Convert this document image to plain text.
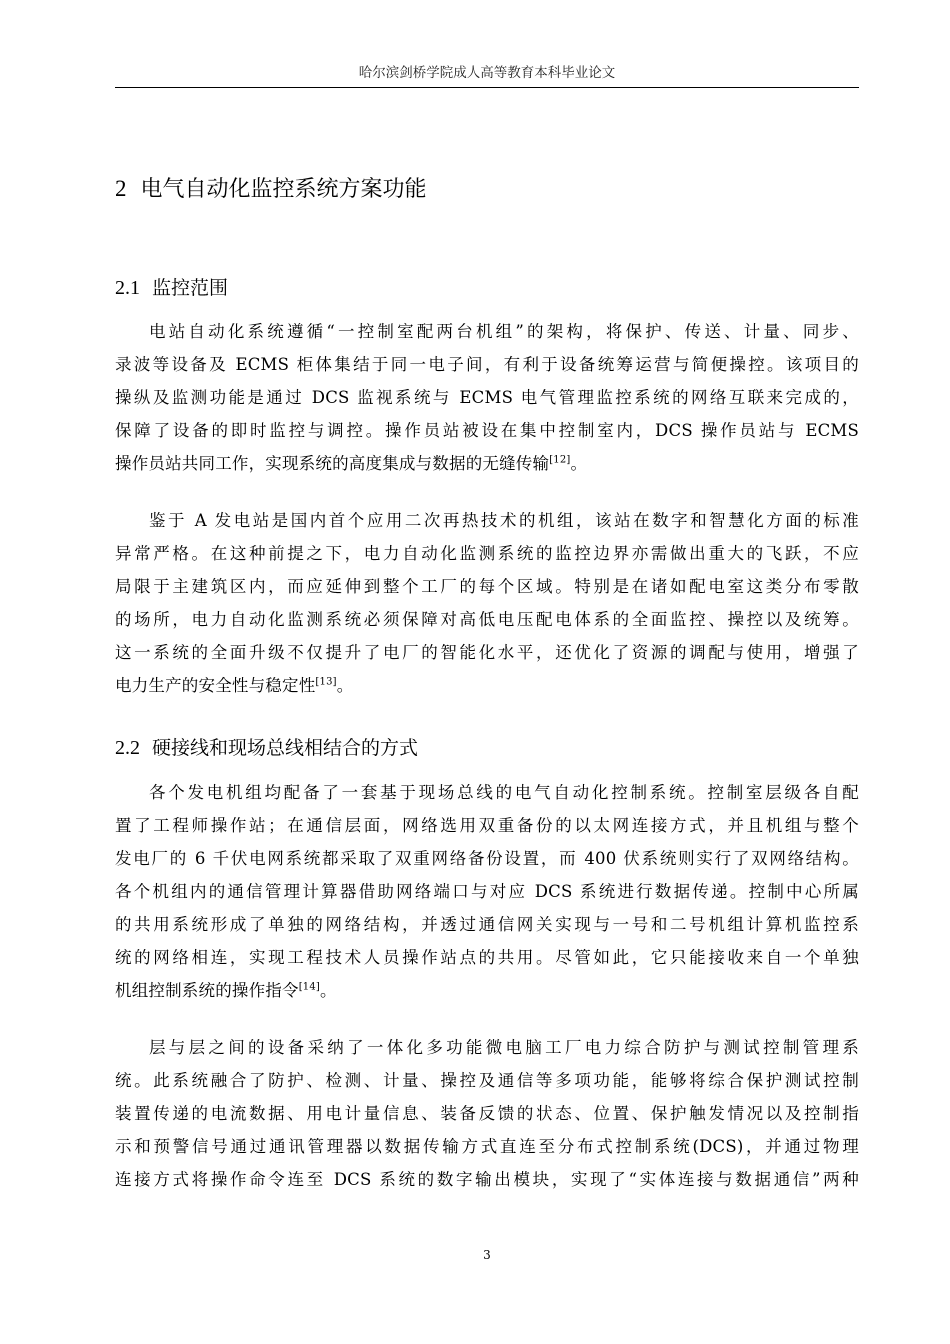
哈尔滨剑桥学院成人高等教育本科毕业论文
2 电气自动化监控系统方案功能
2.1 监控范围
电站自动化系统遵循“一控制室配两台机组”的架构，将保护、传送、计量、同步、
录波等设备及 ECMS 柜体集结于同一电子间，有利于设备统筹运营与简便操控。该项目的
操纵及监测功能是通过 DCS 监视系统与 ECMS 电气管理监控系统的网络互联来完成的，
保障了设备的即时监控与调控。操作员站被设在集中控制室内，DCS 操作员站与 ECMS
操作员站共同工作，实现系统的高度集成与数据的无缝传输[12]。
鉴于 A 发电站是国内首个应用二次再热技术的机组，该站在数字和智慧化方面的标准
异常严格。在这种前提之下，电力自动化监测系统的监控边界亦需做出重大的飞跃，不应
局限于主建筑区内，而应延伸到整个工厂的每个区域。特别是在诸如配电室这类分布零散
的场所，电力自动化监测系统必须保障对高低电压配电体系的全面监控、操控以及统筹。
这一系统的全面升级不仅提升了电厂的智能化水平，还优化了资源的调配与使用，增强了
电力生产的安全性与稳定性[13]。
2.2 硬接线和现场总线相结合的方式
各个发电机组均配备了一套基于现场总线的电气自动化控制系统。控制室层级各自配
置了工程师操作站；在通信层面，网络选用双重备份的以太网连接方式，并且机组与整个
发电厂的 6 千伏电网系统都采取了双重网络备份设置，而 400 伏系统则实行了双网络结构。
各个机组内的通信管理计算器借助网络端口与对应 DCS 系统进行数据传递。控制中心所属
的共用系统形成了单独的网络结构，并透过通信网关实现与一号和二号机组计算机监控系
统的网络相连，实现工程技术人员操作站点的共用。尽管如此，它只能接收来自一个单独
机组控制系统的操作指令[14]。
层与层之间的设备采纳了一体化多功能微电脑工厂电力综合防护与测试控制管理系
统。此系统融合了防护、检测、计量、操控及通信等多项功能，能够将综合保护测试控制
装置传递的电流数据、用电计量信息、装备反馈的状态、位置、保护触发情况以及控制指
示和预警信号通过通讯管理器以数据传输方式直连至分布式控制系统(DCS)，并通过物理
连接方式将操作命令连至 DCS 系统的数字输出模块，实现了“实体连接与数据通信”两种
3
